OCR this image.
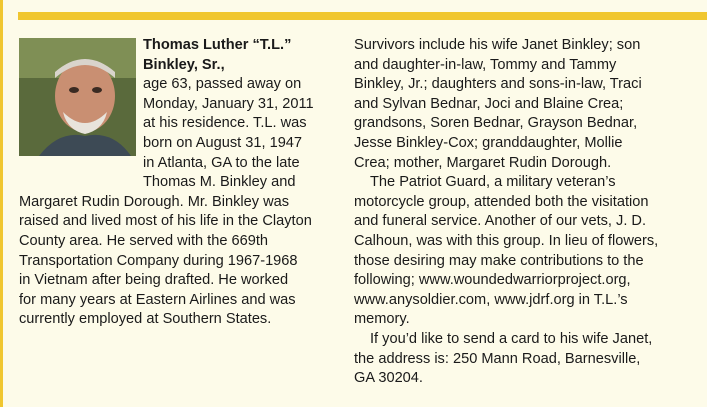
Thomas Luther “T.L.”
Binkley, Sr.,
age 63, passed away on
Monday, January 31, 2011
at his residence. T.L. was
born on August 31, 1947
in Atlanta, GA to the late
Thomas M. Binkley and
Margaret Rudin Dorough. Mr. Binkley was
raised and lived most of his life in the Clayton
County area. He served with the 669th
Transportation Company during 1967-1968
in Vietnam after being drafted. He worked
for many years at Eastern Airlines and was
currently employed at Southern States.
Survivors include his wife Janet Binkley; son
and daughter-in-law, Tommy and Tammy
Binkley, Jr.; daughters and sons-in-law, Traci
and Sylvan Bednar, Joci and Blaine Crea;
grandsons, Soren Bednar, Grayson Bednar,
Jesse Binkley-Cox; granddaughter, Mollie
Crea; mother, Margaret Rudin Dorough.
The Patriot Guard, a military veteran’s
motorcycle group, attended both the visitation
and funeral service. Another of our vets, J. D.
Calhoun, was with this group. In lieu of flowers,
those desiring may make contributions to the
following; www.woundedwarriorproject.org,
www.anysoldier.com, www.jdrf.org in T.L.’s
memory.
If you’d like to send a card to his wife Janet,
the address is: 250 Mann Road, Barnesville,
GA 30204.
